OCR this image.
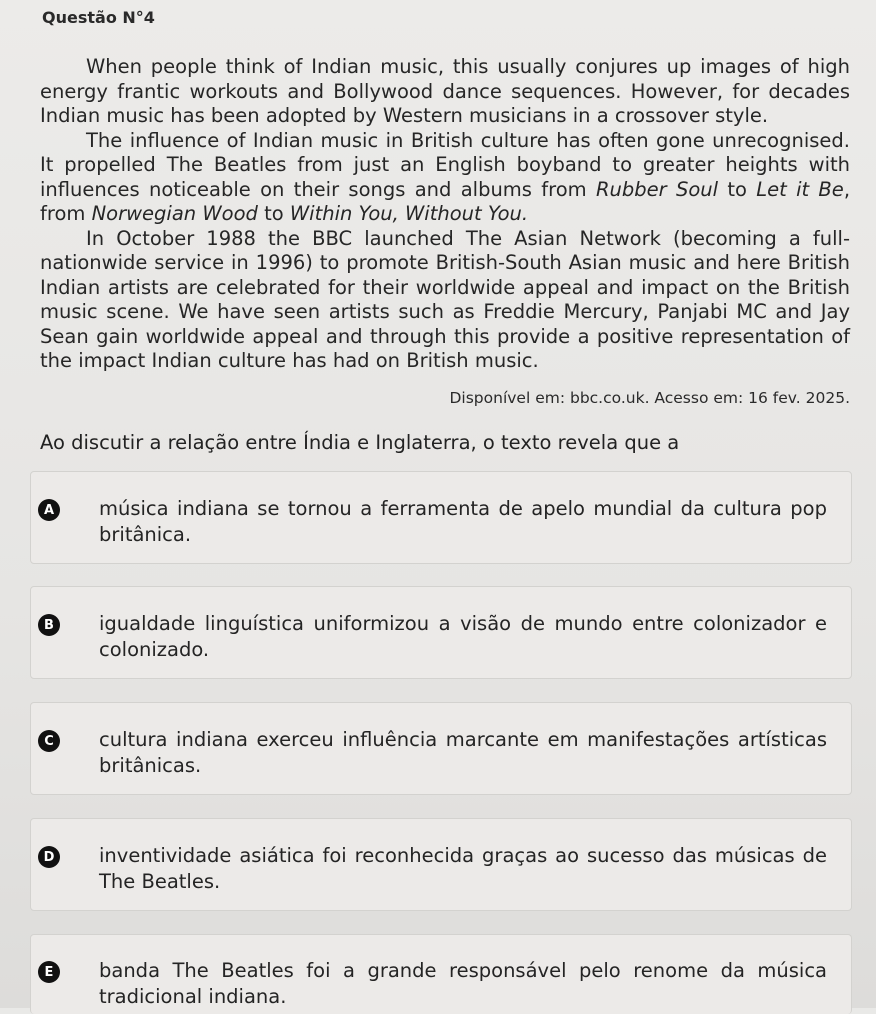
Questão N°4

When people think of Indian music, this usually conjures up images of high energy frantic workouts and Bollywood dance sequences. However, for decades Indian music has been adopted by Western musicians in a crossover style.

The influence of Indian music in British culture has often gone unrecognised. It propelled The Beatles from just an English boyband to greater heights with influences noticeable on their songs and albums from Rubber Soul to Let it Be, from Norwegian Wood to Within You, Without You.

In October 1988 the BBC launched The Asian Network (becoming a full-nationwide service in 1996) to promote British-South Asian music and here British Indian artists are celebrated for their worldwide appeal and impact on the British music scene. We have seen artists such as Freddie Mercury, Panjabi MC and Jay Sean gain worldwide appeal and through this provide a positive representation of the impact Indian culture has had on British music.

Disponível em: bbc.co.uk. Acesso em: 16 fev. 2025.
Ao discutir a relação entre Índia e Inglaterra, o texto revela que a
A	música indiana se tornou a ferramenta de apelo mundial da cultura pop
britânica.
B	igualdade linguística uniformizou a visão de mundo entre colonizador e
colonizado.
C	cultura indiana exerceu influência marcante em manifestações artísticas
britânicas.
D inventividade asiática foi reconhecida graças ao sucesso das músicas de
The Beatles.
E	banda The Beatles foi a grande responsável pelo renome da música
tradicional indiana.
